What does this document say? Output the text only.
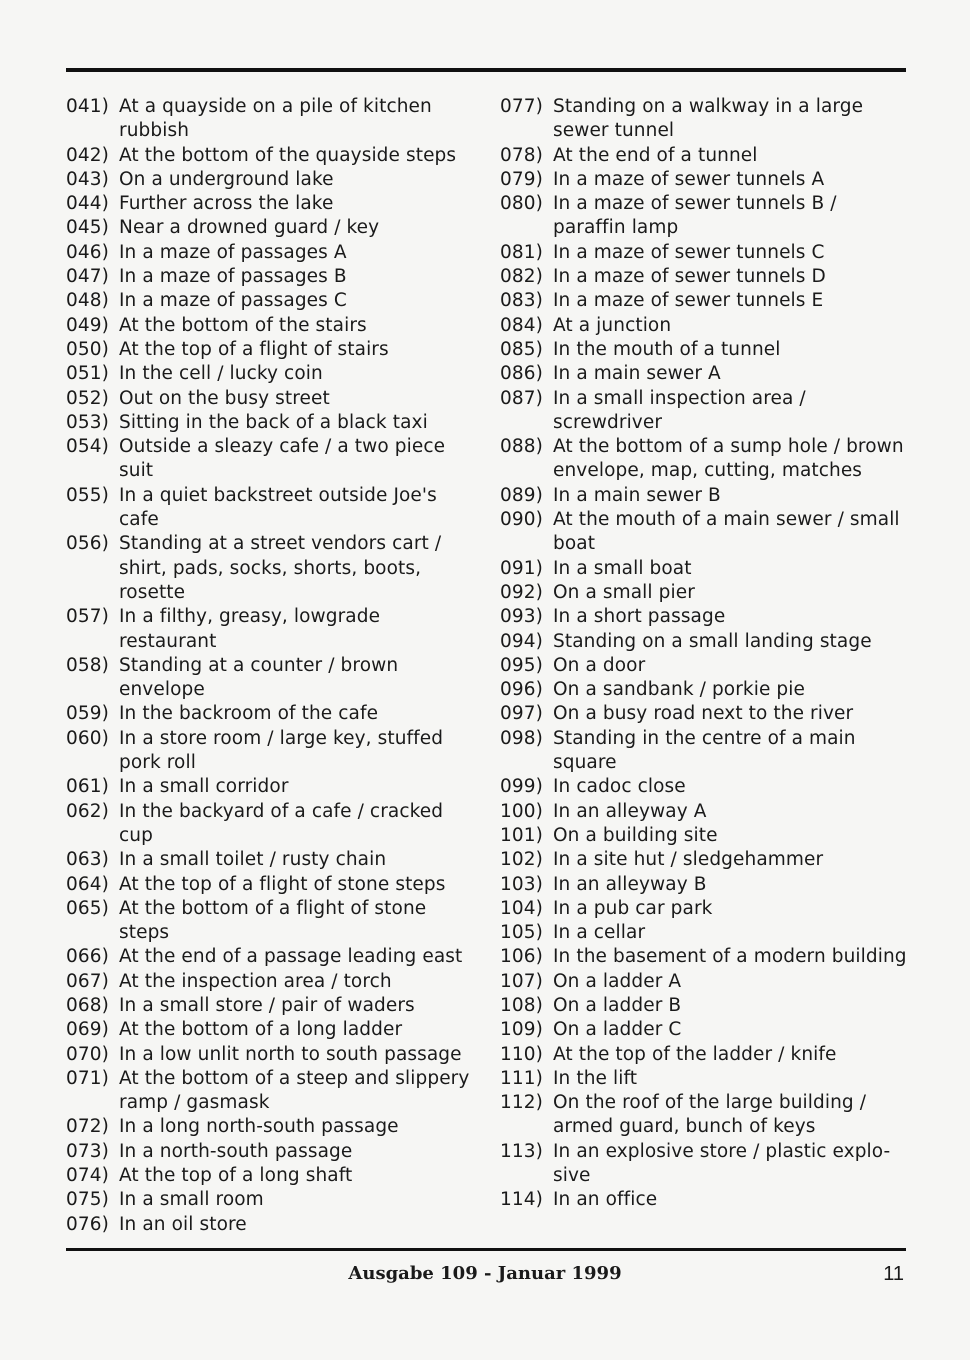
041) At a quayside on a pile of kitchen rubbish
042) At the bottom of the quayside steps
043) On a underground lake
044) Further across the lake
045) Near a drowned guard / key
046) In a maze of passages A
047) In a maze of passages B
048) In a maze of passages C
049) At the bottom of the stairs
050) At the top of a flight of stairs
051) In the cell / lucky coin
052) Out on the busy street
053) Sitting in the back of a black taxi
054) Outside a sleazy cafe / a two piece suit
055) In a quiet backstreet outside Joe's cafe
056) Standing at a street vendors cart / shirt, pads, socks, shorts, boots, rosette
057) In a filthy, greasy, lowgrade restaurant
058) Standing at a counter / brown envelope
059) In the backroom of the cafe
060) In a store room / large key, stuffed pork roll
061) In a small corridor
062) In the backyard of a cafe / cracked cup
063) In a small toilet / rusty chain
064) At the top of a flight of stone steps
065) At the bottom of a flight of stone steps
066) At the end of a passage leading east
067) At the inspection area / torch
068) In a small store / pair of waders
069) At the bottom of a long ladder
070) In a low unlit north to south passage
071) At the bottom of a steep and slippery ramp / gasmask
072) In a long north-south passage
073) In a north-south passage
074) At the top of a long shaft
075) In a small room
076) In an oil store
077) Standing on a walkway in a large sewer tunnel
078) At the end of a tunnel
079) In a maze of sewer tunnels A
080) In a maze of sewer tunnels B / paraffin lamp
081) In a maze of sewer tunnels C
082) In a maze of sewer tunnels D
083) In a maze of sewer tunnels E
084) At a junction
085) In the mouth of a tunnel
086) In a main sewer A
087) In a small inspection area / screwdriver
088) At the bottom of a sump hole / brown envelope, map, cutting, matches
089) In a main sewer B
090) At the mouth of a main sewer / small boat
091) In a small boat
092) On a small pier
093) In a short passage
094) Standing on a small landing stage
095) On a door
096) On a sandbank / porkie pie
097) On a busy road next to the river
098) Standing in the centre of a main square
099) In cadoc close
100) In an alleyway A
101) On a building site
102) In a site hut / sledgehammer
103) In an alleyway B
104) In a pub car park
105) In a cellar
106) In the basement of a modern building
107) On a ladder A
108) On a ladder B
109) On a ladder C
110) At the top of the ladder / knife
111) In the lift
112) On the roof of the large building / armed guard, bunch of keys
113) In an explosive store / plastic explo-sive
114) In an office
Ausgabe 109 - Januar 1999	11
